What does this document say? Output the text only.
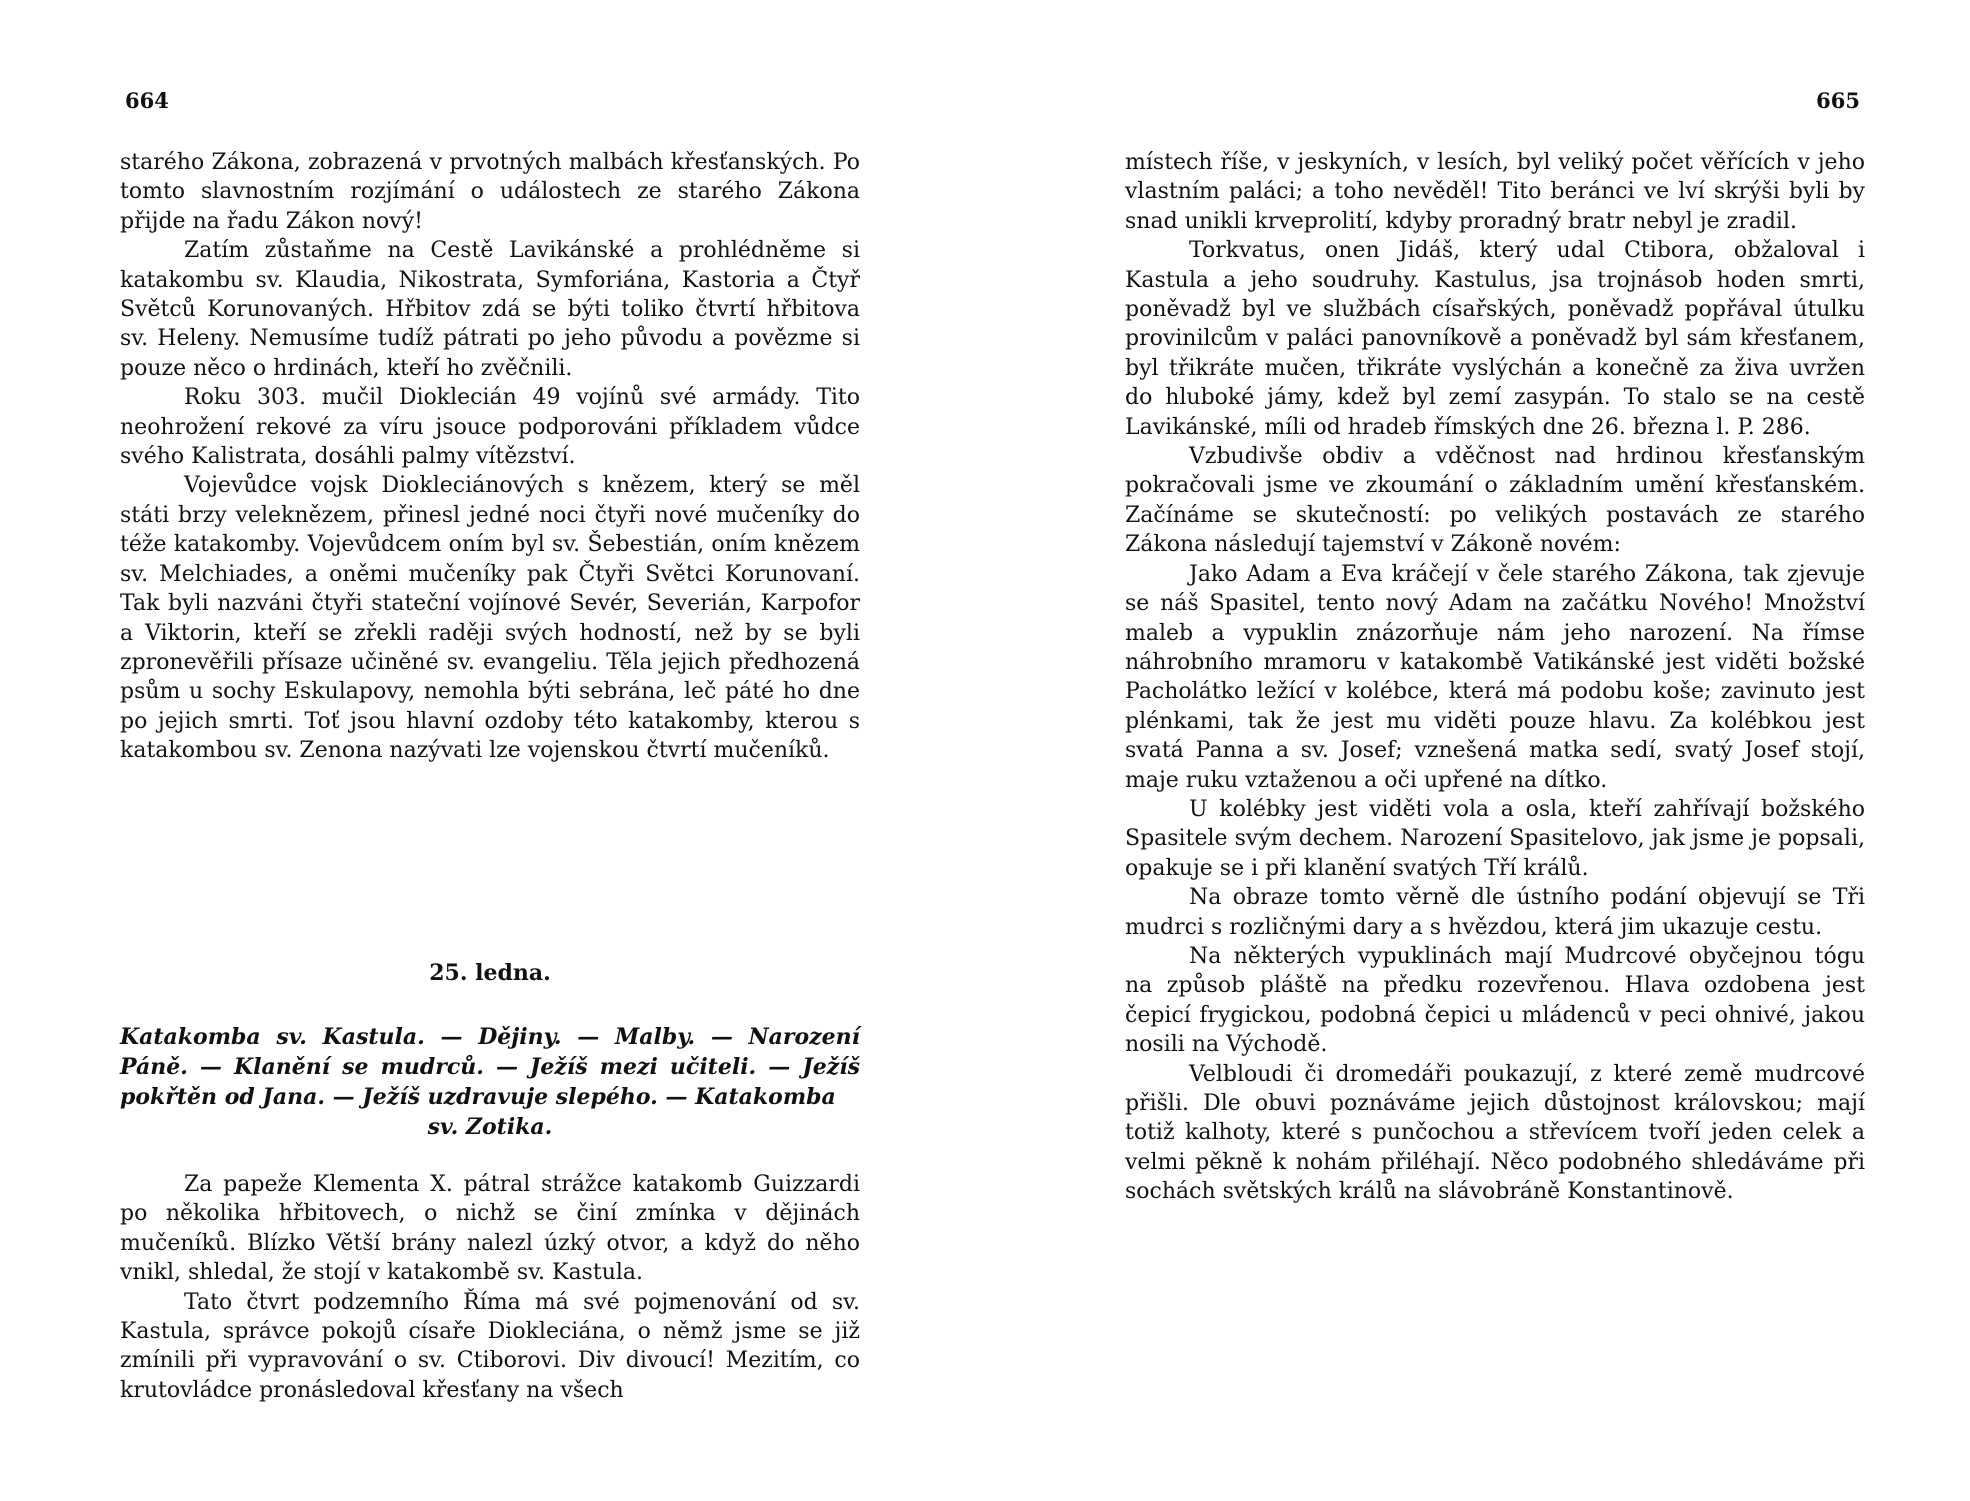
664

starého Zákona, zobrazená v prvotných malbách křesťanských. Po tomto slavnostním rozjímání o událostech ze starého Zákona přijde na řadu Zákon nový!

Zatím zůstaňme na Cestě Lavikánské a prohlédněme si katakombu sv. Klaudia, Nikostrata, Symforiána, Kastoria a Čtyř Světců Korunovaných. Hřbitov zdá se býti toliko čtvrtí hřbitova sv. Heleny. Nemusíme tudíž pátrati po jeho původu a povězme si pouze něco o hrdinách, kteří ho zvěčnili.

Roku 303. mučil Dioklecián 49 vojínů své armády. Tito neohrožení rekové za víru jsouce podporováni příkladem vůdce svého Kalistrata, dosáhli palmy vítězství.

Vojevůdce vojsk Diokleciánových s knězem, který se měl státi brzy veleknězem, přinesl jedné noci čtyři nové mučeníky do téže katakomby. Vojevůdcem oním byl sv. Šebestián, oním knězem sv. Melchiades, a oněmi mučeníky pak Čtyři Světci Korunovaní. Tak byli nazváni čtyři stateční vojínové Sevér, Severián, Karpofor a Viktorin, kteří se zřekli raději svých hodností, než by se byli zpronevěřili přísaze učiněné sv. evangeliu. Těla jejich předhozená psům u sochy Eskulapovy, nemohla býti sebrána, leč páté ho dne po jejich smrti. Toť jsou hlavní ozdoby této katakomby, kterou s katakombou sv. Zenona nazývati lze vojenskou čtvrtí mučeníků.

25. ledna.
Katakomba sv. Kastula. — Dějiny. — Malby. — Narození Páně. — Klanění se mudrců. — Ježíš mezi učiteli. — Ježíš pokřtěn od Jana. — Ježíš uzdravuje slepého. — Katakomba
sv. Zotika.

Za papeže Klementa X. pátral strážce katakomb Guizzardi po několika hřbitovech, o nichž se činí zmínka v dějinách mučeníků. Blízko Větší brány nalezl úzký otvor, a když do něho vnikl, shledal, že stojí v katakombě sv. Kastula.

Tato čtvrt podzemního Říma má své pojmenování od sv. Kastula, správce pokojů císaře Diokleciána, o němž jsme se již zmínili při vypravování o sv. Ctiborovi. Div divoucí! Mezitím, co krutovládce pronásledoval křesťany na všech

665

místech říše, v jeskyních, v lesích, byl veliký počet věřících v jeho vlastním paláci; a toho nevěděl! Tito beránci ve lví skrýši byli by snad unikli krveprolití, kdyby proradný bratr nebyl je zradil.

Torkvatus, onen Jidáš, který udal Ctibora, obžaloval i Kastula a jeho soudruhy. Kastulus, jsa trojnásob hoden smrti, poněvadž byl ve službách císařských, poněvadž popřával útulku provinilcům v paláci panovníkově a poněvadž byl sám křesťanem, byl třikráte mučen, třikráte vyslýchán a konečně za živa uvržen do hluboké jámy, kdež byl zemí zasypán. To stalo se na cestě Lavikánské, míli od hradeb římských dne 26. března l. P. 286.

Vzbudivše obdiv a vděčnost nad hrdinou křesťanským pokračovali jsme ve zkoumání o základním umění křesťanském. Začínáme se skutečností: po velikých postavách ze starého Zákona následují tajemství v Zákoně novém:

Jako Adam a Eva kráčejí v čele starého Zákona, tak zjevuje se náš Spasitel, tento nový Adam na začátku Nového! Množství maleb a vypuklin znázorňuje nám jeho narození. Na římse náhrobního mramoru v katakombě Vatikánské jest viděti božské Pacholátko ležící v kolébce, která má podobu koše; zavinuto jest plénkami, tak že jest mu viděti pouze hlavu. Za kolébkou jest svatá Panna a sv. Josef; vznešená matka sedí, svatý Josef stojí, maje ruku vztaženou a oči upřené na dítko.

U kolébky jest viděti vola a osla, kteří zahřívají božského Spasitele svým dechem. Narození Spasitelovo, jak jsme je popsali, opakuje se i při klanění svatých Tří králů.

Na obraze tomto věrně dle ústního podání objevují se Tři mudrci s rozličnými dary a s hvězdou, která jim ukazuje cestu.

Na některých vypuklinách mají Mudrcové obyčejnou tógu na způsob pláště na předku rozevřenou. Hlava ozdobena jest čepicí frygickou, podobná čepici u mládenců v peci ohnivé, jakou nosili na Východě.

Velbloudi či dromedáři poukazují, z které země mudrcové přišli. Dle obuvi poznáváme jejich důstojnost královskou; mají totiž kalhoty, které s punčochou a střevícem tvoří jeden celek a velmi pěkně k nohám přiléhají. Něco podobného shledáváme při sochách světských králů na slávobráně Konstantinově.
